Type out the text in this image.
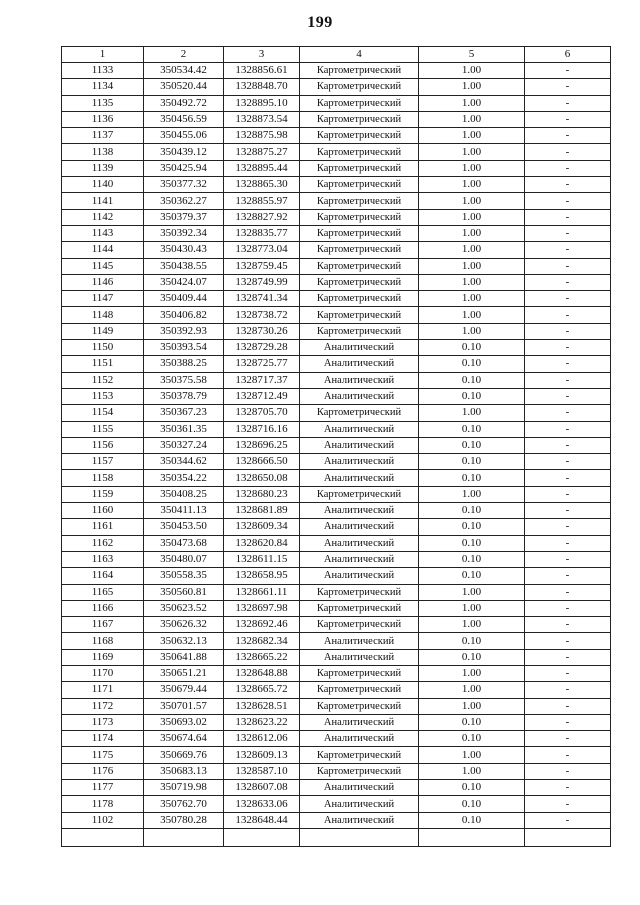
199
1	2	3	4	5	6
1133	350534.42	1328856.61	Картометрический	1.00	-
1134	350520.44	1328848.70	Картометрический	1.00	-
1135	350492.72	1328895.10	Картометрический	1.00	-
1136	350456.59	1328873.54	Картометрический	1.00	-
1137	350455.06	1328875.98	Картометрический	1.00	-
1138	350439.12	1328875.27	Картометрический	1.00	-
1139	350425.94	1328895.44	Картометрический	1.00	-
1140	350377.32	1328865.30	Картометрический	1.00	-
1141	350362.27	1328855.97	Картометрический	1.00	-
1142	350379.37	1328827.92	Картометрический	1.00	-
1143	350392.34	1328835.77	Картометрический	1.00	-
1144	350430.43	1328773.04	Картометрический	1.00	-
1145	350438.55	1328759.45	Картометрический	1.00	-
1146	350424.07	1328749.99	Картометрический	1.00	-
1147	350409.44	1328741.34	Картометрический	1.00	-
1148	350406.82	1328738.72	Картометрический	1.00	-
1149	350392.93	1328730.26	Картометрический	1.00	-
1150	350393.54	1328729.28	Аналитический	0.10	-
1151	350388.25	1328725.77	Аналитический	0.10	-
1152	350375.58	1328717.37	Аналитический	0.10	-
1153	350378.79	1328712.49	Аналитический	0.10	-
1154	350367.23	1328705.70	Картометрический	1.00	-
1155	350361.35	1328716.16	Аналитический	0.10	-
1156	350327.24	1328696.25	Аналитический	0.10	-
1157	350344.62	1328666.50	Аналитический	0.10	-
1158	350354.22	1328650.08	Аналитический	0.10	-
1159	350408.25	1328680.23	Картометрический	1.00	-
1160	350411.13	1328681.89	Аналитический	0.10	-
1161	350453.50	1328609.34	Аналитический	0.10	-
1162	350473.68	1328620.84	Аналитический	0.10	-
1163	350480.07	1328611.15	Аналитический	0.10	-
1164	350558.35	1328658.95	Аналитический	0.10	-
1165	350560.81	1328661.11	Картометрический	1.00	-
1166	350623.52	1328697.98	Картометрический	1.00	-
1167	350626.32	1328692.46	Картометрический	1.00	-
1168	350632.13	1328682.34	Аналитический	0.10	-
1169	350641.88	1328665.22	Аналитический	0.10	-
1170	350651.21	1328648.88	Картометрический	1.00	-
1171	350679.44	1328665.72	Картометрический	1.00	-
1172	350701.57	1328628.51	Картометрический	1.00	-
1173	350693.02	1328623.22	Аналитический	0.10	-
1174	350674.64	1328612.06	Аналитический	0.10	-
1175	350669.76	1328609.13	Картометрический	1.00	-
1176	350683.13	1328587.10	Картометрический	1.00	-
1177	350719.98	1328607.08	Аналитический	0.10	-
1178	350762.70	1328633.06	Аналитический	0.10	-
1102	350780.28	1328648.44	Аналитический	0.10	-
